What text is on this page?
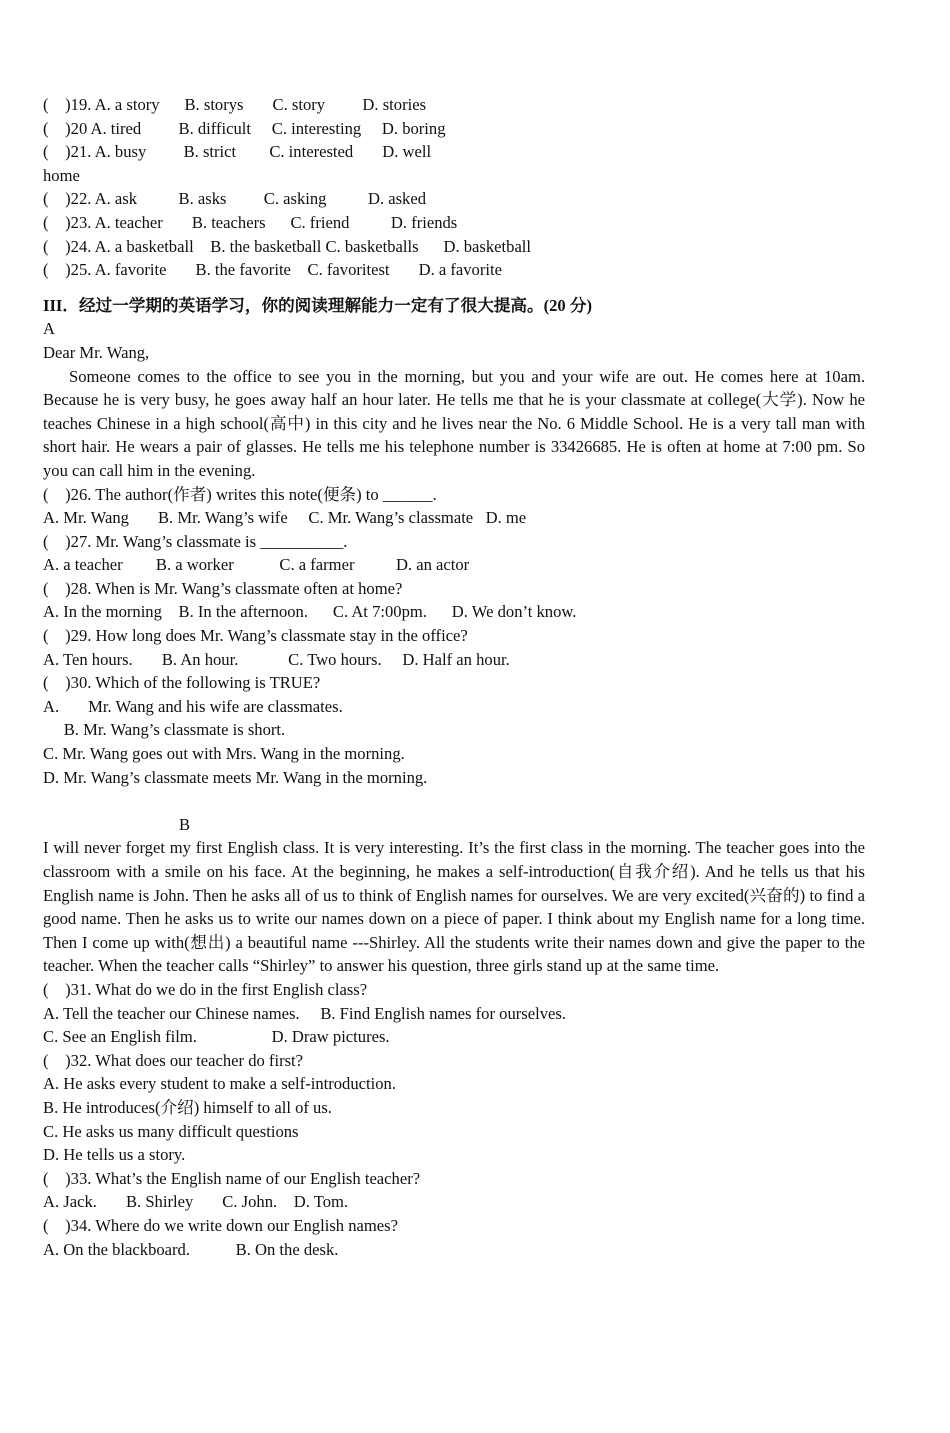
(    )19. A. a story      B. storys       C. story         D. stories
(    )20 A. tired         B. difficult     C. interesting     D. boring
(    )21. A. busy         B. strict        C. interested       D. well
home
(    )22. A. ask          B. asks         C. asking          D. asked
(    )23. A. teacher       B. teachers      C. friend          D. friends
(    )24. A. a basketball    B. the basketball C. basketballs      D. basketball
(    )25. A. favorite       B. the favorite    C. favoritest       D. a favorite
III．经过一学期的英语学习，你的阅读理解能力一定有了很大提高。(20 分)
A
Dear Mr. Wang,
Someone comes to the office to see you in the morning, but you and your wife are out. He comes here at 10am. Because he is very busy, he goes away half an hour later. He tells me that he is your classmate at college(大学). Now he teaches Chinese in a high school(高中) in this city and he lives near the No. 6 Middle School. He is a very tall man with short hair. He wears a pair of glasses. He tells me his telephone number is 33426685. He is often at home at 7:00 pm. So you can call him in the evening.
(    )26. The author(作者) writes this note(便条) to ______.
A. Mr. Wang       B. Mr. Wang’s wife     C. Mr. Wang’s classmate   D. me
(    )27. Mr. Wang’s classmate is __________.
A. a teacher        B. a worker           C. a farmer          D. an actor
(    )28. When is Mr. Wang’s classmate often at home?
A. In the morning    B. In the afternoon.      C. At 7:00pm.      D. We don’t know.
(    )29. How long does Mr. Wang’s classmate stay in the office?
A. Ten hours.       B. An hour.            C. Two hours.     D. Half an hour.
(    )30. Which of the following is TRUE?
A.       Mr. Wang and his wife are classmates.
B. Mr. Wang’s classmate is short.
C. Mr. Wang goes out with Mrs. Wang in the morning.
D. Mr. Wang’s classmate meets Mr. Wang in the morning.
B
I will never forget my first English class. It is very interesting. It’s the first class in the morning. The teacher goes into the classroom with a smile on his face. At the beginning, he makes a self-introduction(自我介绍). And he tells us that his English name is John. Then he asks all of us to think of English names for ourselves. We are very excited(兴奋的) to find a good name. Then he asks us to write our names down on a piece of paper. I think about my English name for a long time. Then I come up with(想出) a beautiful name ---Shirley. All the students write their names down and give the paper to the teacher. When the teacher calls “Shirley” to answer his question, three girls stand up at the same time.
(    )31. What do we do in the first English class?
A. Tell the teacher our Chinese names.     B. Find English names for ourselves.
C. See an English film.                  D. Draw pictures.
(    )32. What does our teacher do first?
A. He asks every student to make a self-introduction.
B. He introduces(介绍) himself to all of us.
C. He asks us many difficult questions
D. He tells us a story.
(    )33. What’s the English name of our English teacher?
A. Jack.       B. Shirley       C. John.    D. Tom.
(    )34. Where do we write down our English names?
A. On the blackboard.           B. On the desk.
